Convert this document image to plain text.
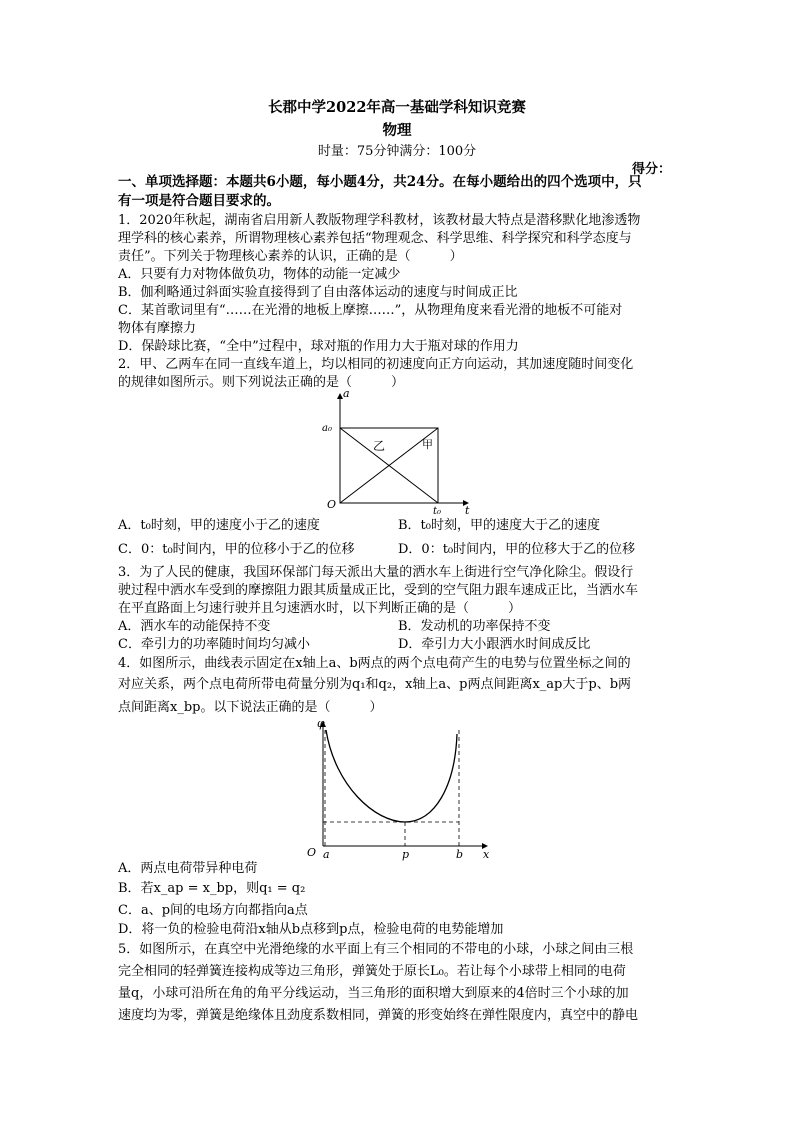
长郡中学2022年高一基础学科知识竞赛
物理
时量：75分钟满分：100分
得分：
一、单项选择题：本题共6小题，每小题4分，共24分。在每小题给出的四个选项中，只
有一项是符合题目要求的。
1．2020年秋起，湖南省启用新人教版物理学科教材，该教材最大特点是潜移默化地渗透物
理学科的核心素养，所谓物理核心素养包括“物理观念、科学思维、科学探究和科学态度与
责任”。下列关于物理核心素养的认识，正确的是（　　　）
A．只要有力对物体做负功，物体的动能一定减少
B．伽利略通过斜面实验直接得到了自由落体运动的速度与时间成正比
C．某首歌词里有“……在光滑的地板上摩擦……”，从物理角度来看光滑的地板不可能对
物体有摩擦力
D．保龄球比赛，“全中”过程中，球对瓶的作用力大于瓶对球的作用力
2．甲、乙两车在同一直线车道上，均以相同的初速度向正方向运动，其加速度随时间变化
的规律如图所示。则下列说法正确的是（　　　）
a
t
O
a₀
t₀
乙	甲
A．t₀时刻，甲的速度小于乙的速度	B．t₀时刻，甲的速度大于乙的速度
C．0：t₀时间内，甲的位移小于乙的位移	D．0：t₀时间内，甲的位移大于乙的位移
3．为了人民的健康，我国环保部门每天派出大量的洒水车上街进行空气净化除尘。假设行
驶过程中洒水车受到的摩擦阻力跟其质量成正比，受到的空气阻力跟车速成正比，当洒水车
在平直路面上匀速行驶并且匀速洒水时，以下判断正确的是（　　　）
A．洒水车的动能保持不变	B．发动机的功率保持不变
C．牵引力的功率随时间均匀减小	D．牵引力大小跟洒水时间成反比
4．如图所示，曲线表示固定在x轴上a、b两点的两个点电荷产生的电势与位置坐标之间的
对应关系，两个点电荷所带电荷量分别为q₁和q₂，x轴上a、p两点间距离x_ap大于p、b两
点间距离x_bp。以下说法正确的是（　　　）
φ
x
O a	p	b
A．两点电荷带异种电荷
B．若x_ap = x_bp，则q₁ = q₂
C．a、p间的电场方向都指向a点
D．将一负的检验电荷沿x轴从b点移到p点，检验电荷的电势能增加
5．如图所示，在真空中光滑绝缘的水平面上有三个相同的不带电的小球，小球之间由三根
完全相同的轻弹簧连接构成等边三角形，弹簧处于原长L₀。若让每个小球带上相同的电荷
量q，小球可沿所在角的角平分线运动，当三角形的面积增大到原来的4倍时三个小球的加
速度均为零，弹簧是绝缘体且劲度系数相同，弹簧的形变始终在弹性限度内，真空中的静电
